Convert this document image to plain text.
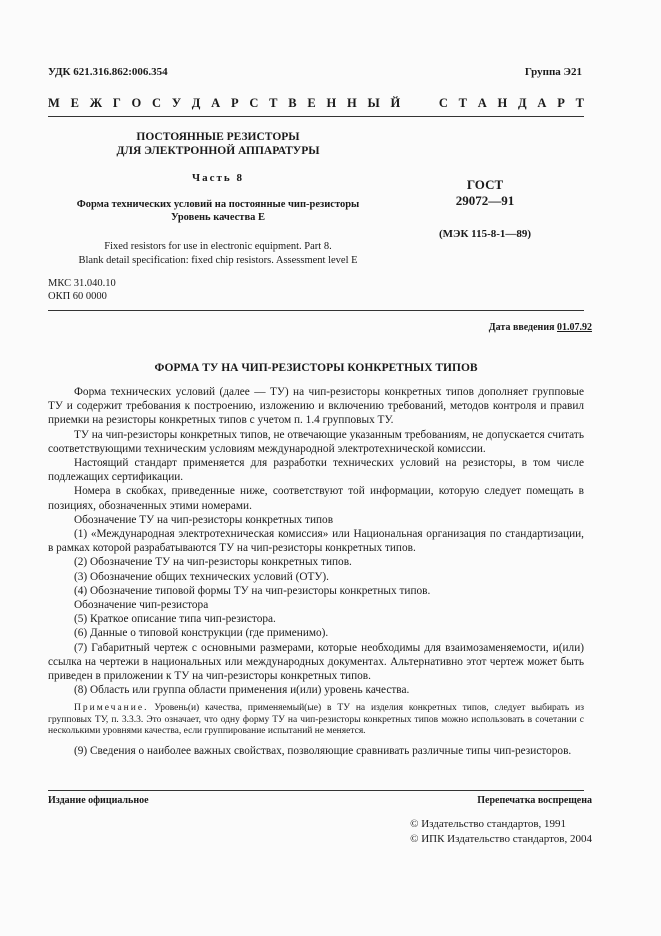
УДК 621.316.862:006.354	Группа Э21
М Е Ж Г О С У Д А Р С Т В Е Н Н Ы Й

	С Т А Н Д А Р Т
ПОСТОЯННЫЕ РЕЗИСТОРЫ
ДЛЯ ЭЛЕКТРОННОЙ АППАРАТУРЫ
Часть 8
Форма технических условий на постоянные чип-резисторы
Уровень качества Е
Fixed resistors for use in electronic equipment. Part 8.
Blank detail specification: fixed chip resistors. Assessment level E
ГОСТ
29072—91
(МЭК 115-8-1—89)
МКС 31.040.10
ОКП 60 0000
Дата введения 01.07.92
ФОРМА ТУ НА ЧИП-РЕЗИСТОРЫ КОНКРЕТНЫХ ТИПОВ

Форма технических условий (далее — ТУ) на чип-резисторы конкретных типов дополняет групповые ТУ и содержит требования к построению, изложению и включению требований, методов контроля и правил приемки на резисторы конкретных типов с учетом п. 1.4 групповых ТУ.

ТУ на чип-резисторы конкретных типов, не отвечающие указанным требованиям, не допускается считать соответствующими техническим условиям международной электротехнической комиссии.

Настоящий стандарт применяется для разработки технических условий на резисторы, в том числе подлежащих сертификации.

Номера в скобках, приведенные ниже, соответствуют той информации, которую следует помещать в позициях, обозначенных этими номерами.

Обозначение ТУ на чип-резисторы конкретных типов

(1) «Международная электротехническая комиссия» или Национальная организация по стандартизации, в рамках которой разрабатываются ТУ на чип-резисторы конкретных типов.

(2) Обозначение ТУ на чип-резисторы конкретных типов.

(3) Обозначение общих технических условий (ОТУ).

(4) Обозначение типовой формы ТУ на чип-резисторы конкретных типов.

Обозначение чип-резистора

(5) Краткое описание типа чип-резистора.

(6) Данные о типовой конструкции (где применимо).

(7) Габаритный чертеж с основными размерами, которые необходимы для взаимозаменяемости, и(или) ссылка на чертежи в национальных или международных документах. Альтернативно этот чертеж может быть приведен в приложении к ТУ на чип-резисторы конкретных типов.

(8) Область или группа области применения и(или) уровень качества.

Примечание. Уровень(и) качества, применяемый(ые) в ТУ на изделия конкретных типов, следует выбирать из групповых ТУ, п. 3.3.3. Это означает, что одну форму ТУ на чип-резисторы конкретных типов можно использовать в сочетании с несколькими уровнями качества, если группирование испытаний не меняется.

(9) Сведения о наиболее важных свойствах, позволяющие сравнивать различные типы чип-резисторов.

Издание официальное	Перепечатка воспрещена
© Издательство стандартов, 1991
© ИПК Издательство стандартов, 2004
